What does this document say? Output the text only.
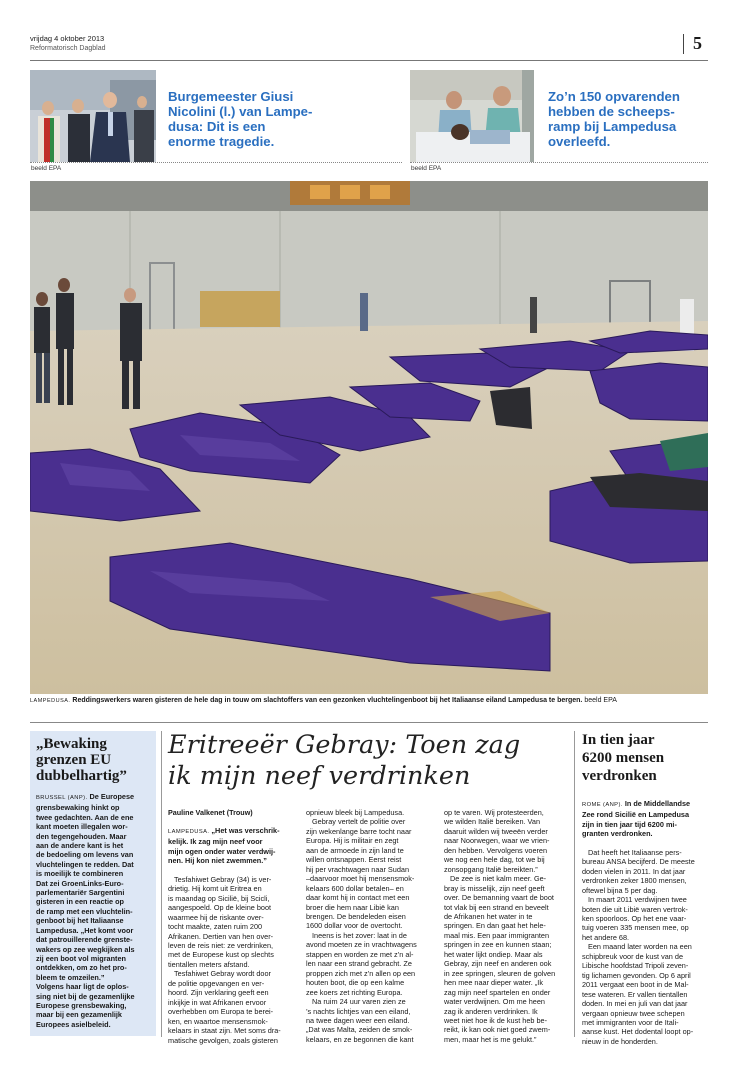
vrijdag 4 oktober 2013
Reformatorisch Dagblad	5
Burgemeester Giusi
Nicolini (l.) van Lampe-
dusa: Dit is een
enorme tragedie.
beeld EPA
Zo’n 150 opvarenden
hebben de scheeps-
ramp bij Lampedusa
overleefd.
beeld EPA
LAMPEDUSA. Reddingswerkers waren gisteren de hele dag in touw om slachtoffers van een gezonken vluchtelingenboot bij het Italiaanse eiland Lampedusa te bergen. beeld EPA
„Bewaking
grenzen EU
dubbelhartig”
BRUSSEL (ANP). De Europese
grensbewaking hinkt op
twee gedachten. Aan de ene
kant moeten illegalen wor-
den tegengehouden. Maar
aan de andere kant is het
de bedoeling om levens van
vluchtelingen te redden. Dat
is moeilijk te combineren
Dat zei GroenLinks-Euro-
parlementariër Sargentini
gisteren in een reactie op
de ramp met een vluchtelin-
genboot bij het Italiaanse
Lampedusa. „Het komt voor
dat patrouillerende grenste-
wakers op zee wegkijken als
zij een boot vol migranten
ontdekken, om zo het pro-
bleem te omzeilen.”
Volgens haar ligt de oplos-
sing niet bij de gezamenlijke
Europese grensbewaking,
maar bij een gezamenlijk
Europees asielbeleid.
Eritreeër Gebray: Toen zag
ik mijn neef verdrinken
Pauline Valkenet (Trouw)

LAMPEDUSA. „Het was verschrik-

kelijk. Ik zag mijn neef voor
mijn ogen onder water verdwij-
nen. Hij kon niet zwemmen.”
Tesfahiwet Gebray (34) is ver-
drietig. Hij komt uit Eritrea en
is maandag op Sicilië, bij Scicli,
aangespoeld. Op de kleine boot
waarmee hij de riskante over-
tocht maakte, zaten ruim 200
Afrikanen. Dertien van hen over-
leven de reis niet: ze verdrinken,
met de Europese kust op slechts
tientallen meters afstand.
Tesfahiwet Gebray wordt door
de politie opgevangen en ver-
hoord. Zijn verklaring geeft een
inkijkje in wat Afrikanen ervoor
overhebben om Europa te berei-
ken, en waartoe mensensmok-
kelaars in staat zijn. Met soms dra-
matische gevolgen, zoals gisteren
opnieuw bleek bij Lampedusa.
Gebray vertelt de politie over
zijn wekenlange barre tocht naar
Europa. Hij is militair en zegt
aan de armoede in zijn land te
willen ontsnappen. Eerst reist
hij per vrachtwagen naar Sudan
–daarvoor moet hij mensensmok-
kelaars 600 dollar betalen– en
daar komt hij in contact met een
broer die hem naar Libië kan
brengen. De bendeleden eisen
1600 dollar voor de overtocht.
Ineens is het zover: laat in de
avond moeten ze in vrachtwagens
stappen en worden ze met z’n al-
len naar een strand gebracht. Ze
proppen zich met z’n allen op een
houten boot, die op een kalme
zee koers zet richting Europa.
Na ruim 24 uur varen zien ze
’s nachts lichtjes van een eiland,
na twee dagen weer een eiland.
„Dat was Malta, zeiden de smok-
kelaars, en ze begonnen die kant
op te varen. Wij protesteerden,
we wilden Italië bereiken. Van
daaruit wilden wij tweeën verder
naar Noorwegen, waar we vrien-
den hebben. Vervolgens voeren
we nog een hele dag, tot we bij
zonsopgang Italië bereikten.”
De zee is niet kalm meer. Ge-
bray is misselijk, zijn neef geeft
over. De bemanning vaart de boot
tot vlak bij een strand en beveelt
de Afrikanen het water in te
springen. En dan gaat het hele-
maal mis. Een paar immigranten
springen in zee en kunnen staan;
het water lijkt ondiep. Maar als
Gebray, zijn neef en anderen ook
in zee springen, sleuren de golven
hen mee naar dieper water. „Ik
zag mijn neef spartelen en onder
water verdwijnen. Om me heen
zag ik anderen verdrinken. Ik
weet niet hoe ik de kust heb be-
reikt, ik kan ook niet goed zwem-
men, maar het is me gelukt.”
In tien jaar
6200 mensen
verdronken
ROME (ANP). In de Middellandse
Zee rond Sicilië en Lampedusa
zijn in tien jaar tijd 6200 mi-
granten verdronken.
Dat heeft het Italiaanse pers-
bureau ANSA becijferd. De meeste
doden vielen in 2011. In dat jaar
verdronken zeker 1800 mensen,
oftewel bijna 5 per dag.
In maart 2011 verdwijnen twee
boten die uit Libië waren vertrok-
ken spoorloos. Op het ene vaar-
tuig voeren 335 mensen mee, op
het andere 68.
Een maand later worden na een
schipbreuk voor de kust van de
Libische hoofdstad Tripoli zeven-
tig lichamen gevonden. Op 6 april
2011 vergaat een boot in de Mal-
tese wateren. Er vallen tientallen
doden. In mei en juli van dat jaar
vergaan opnieuw twee schepen
met immigranten voor de Itali-
aanse kust. Het dodental loopt op-
nieuw in de honderden.
